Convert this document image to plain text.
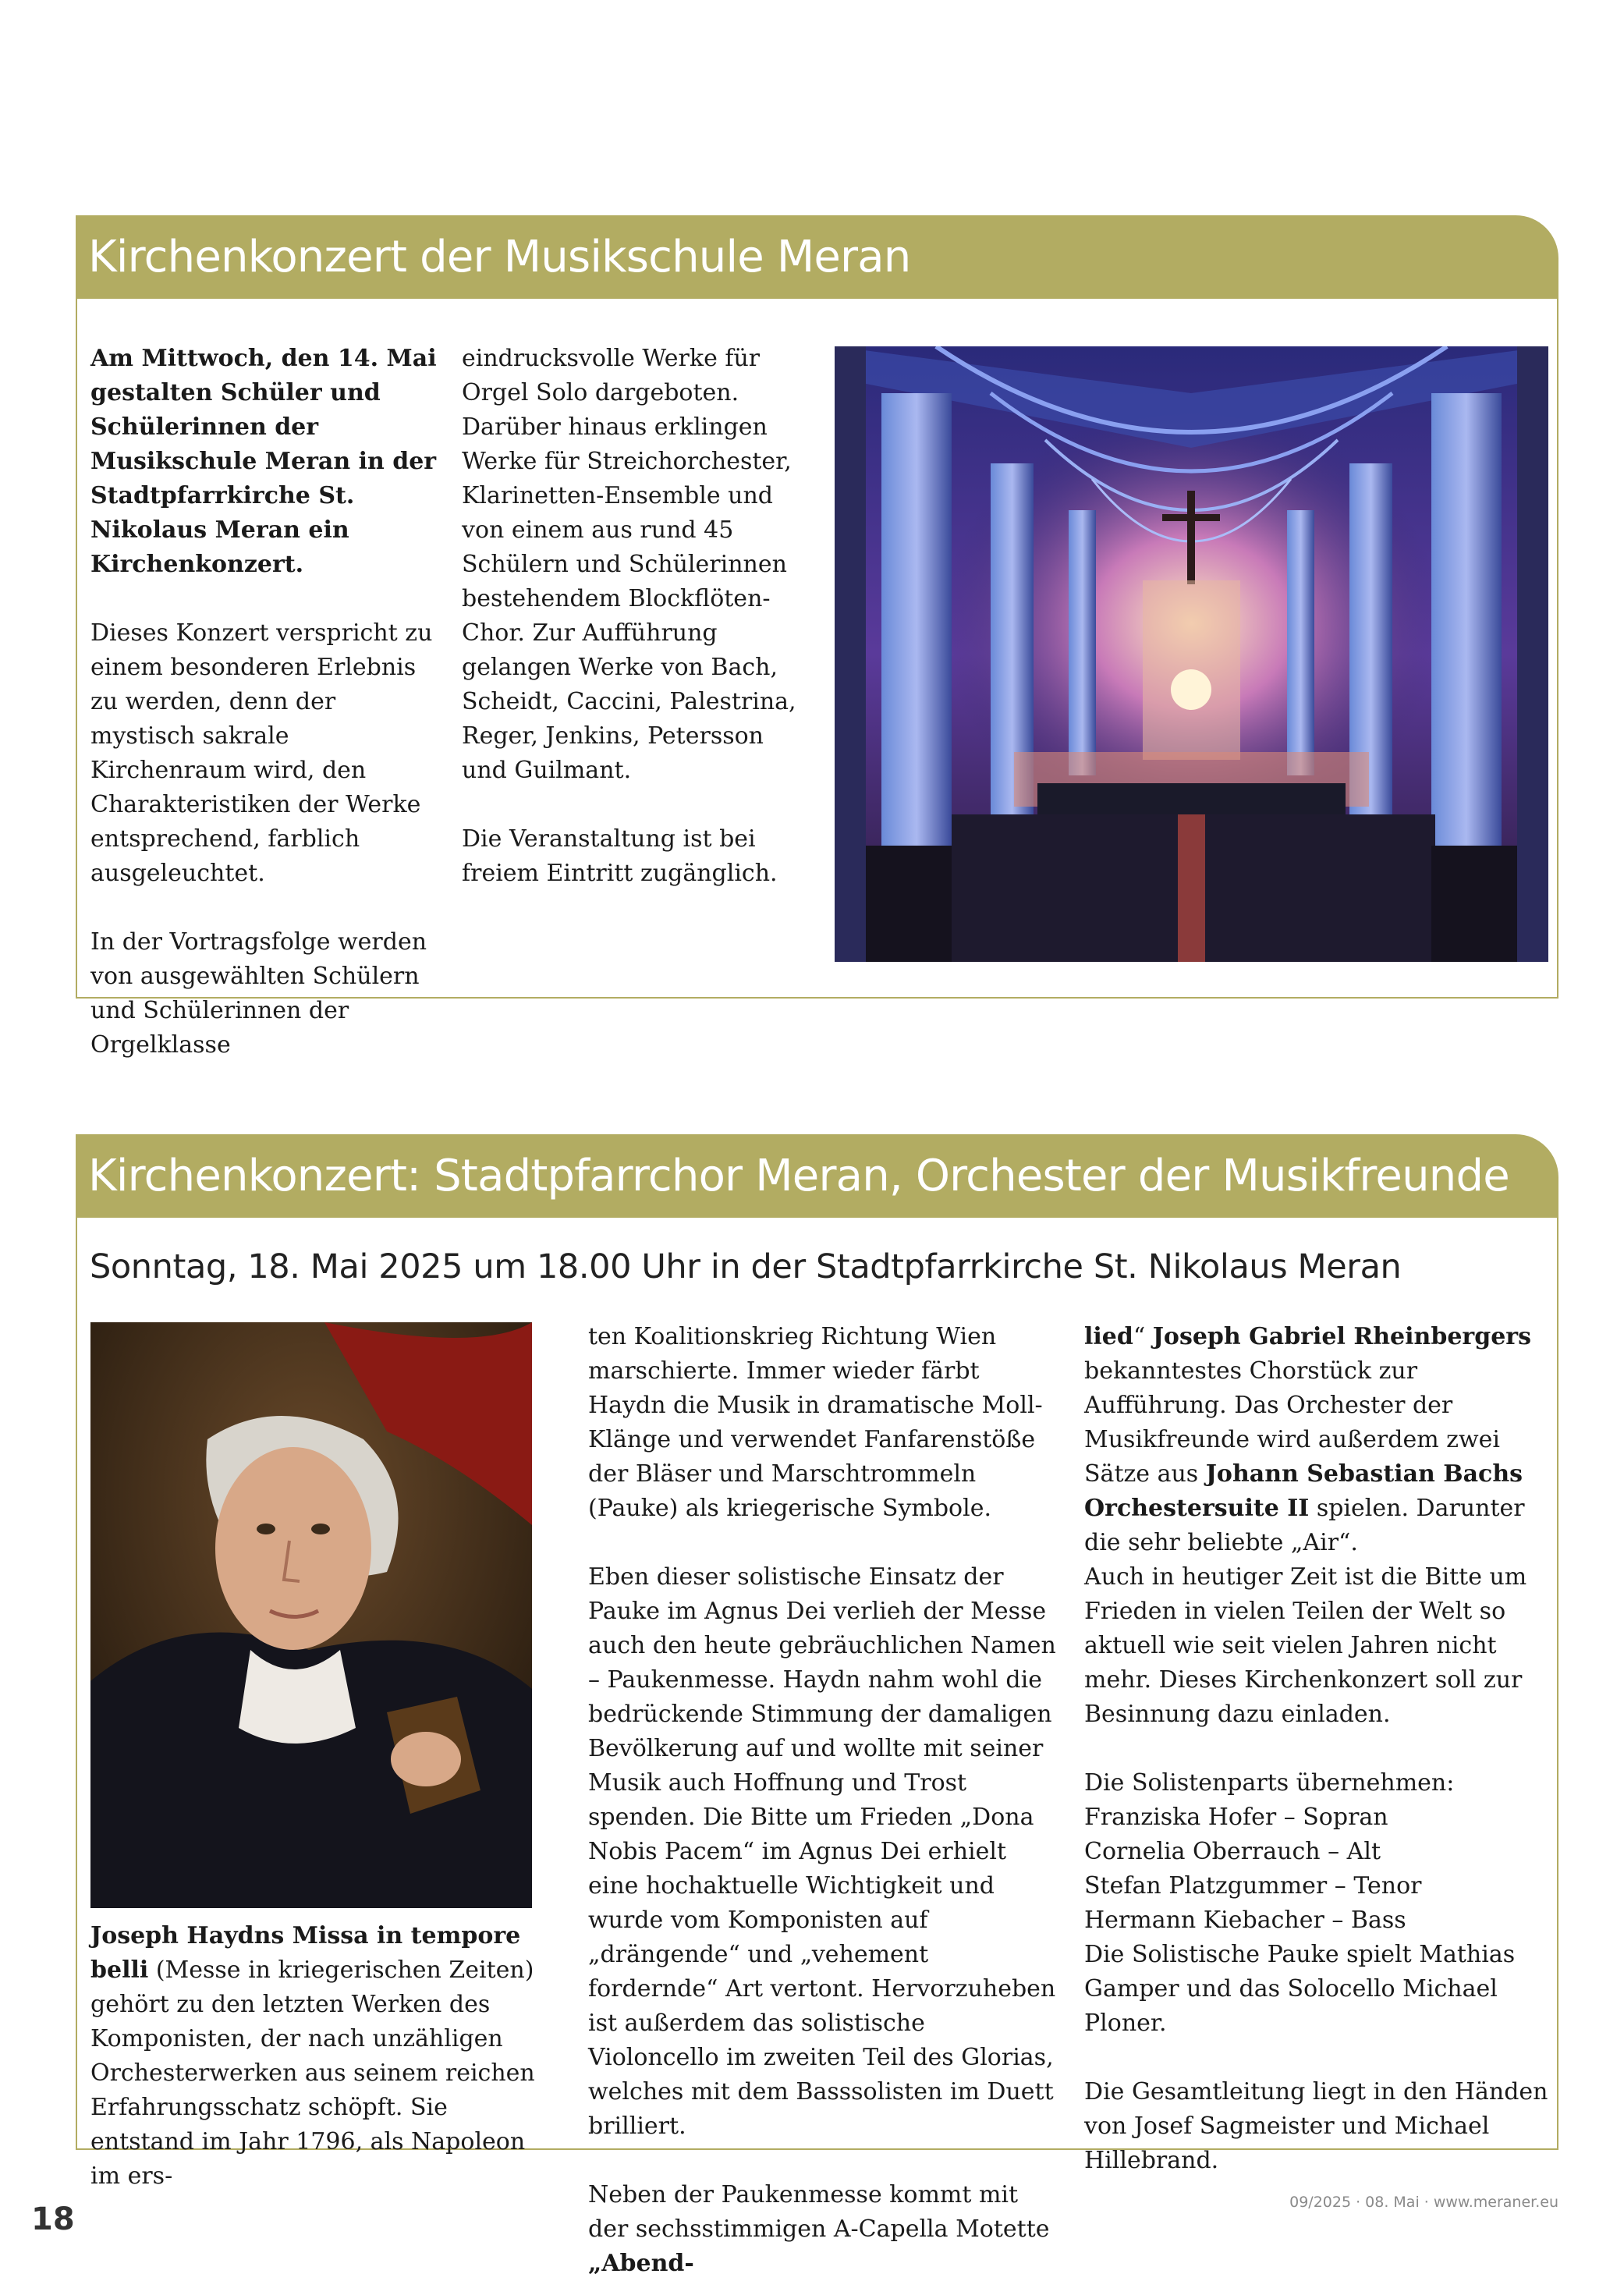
Kirchenkonzert der Musikschule Meran

Am Mittwoch, den 14. Mai gestalten Schüler und Schülerinnen der Musikschule Meran in der Stadtpfarrkirche St. Nikolaus Meran ein Kirchenkonzert.

Dieses Konzert verspricht zu einem besonderen Erlebnis zu werden, denn der mystisch sakrale Kirchenraum wird, den Charakteristiken der Werke entsprechend, farblich ausgeleuchtet.

In der Vortragsfolge werden von ausgewählten Schülern und Schülerinnen der Orgelklasse

eindrucksvolle Werke für Orgel Solo dargeboten. Darüber hinaus erklingen Werke für Streichorchester, Klarinetten-Ensemble und von einem aus rund 45 Schülern und Schülerinnen bestehendem Blockflöten-Chor. Zur Aufführung gelangen Werke von Bach, Scheidt, Caccini, Palestrina, Reger, Jenkins, Petersson und Guilmant.

Die Veranstaltung ist bei freiem Eintritt zugänglich.

Kirchenkonzert: Stadtpfarrchor Meran, Orchester der Musikfreunde
Sonntag, 18. Mai 2025 um 18.00 Uhr in der Stadtpfarrkirche St. Nikolaus Meran

Joseph Haydns Missa in tempore belli (Messe in kriegerischen Zeiten) gehört zu den letzten Werken des Komponisten, der nach unzähligen Orchesterwerken aus seinem reichen Erfahrungsschatz schöpft. Sie entstand im Jahr 1796, als Napoleon im ers-

ten Koalitionskrieg Richtung Wien marschierte. Immer wieder färbt Haydn die Musik in dramatische Moll-Klänge und verwendet Fanfarenstöße der Bläser und Marschtrommeln (Pauke) als kriegerische Symbole.

Eben dieser solistische Einsatz der Pauke im Agnus Dei verlieh der Messe auch den heute gebräuchlichen Namen – Paukenmesse. Haydn nahm wohl die bedrückende Stimmung der damaligen Bevölkerung auf und wollte mit seiner Musik auch Hoffnung und Trost spenden. Die Bitte um Frieden „Dona Nobis Pacem“ im Agnus Dei erhielt eine hochaktuelle Wichtigkeit und wurde vom Komponisten auf „drängende“ und „vehement fordernde“ Art vertont. Hervorzuheben ist außerdem das solistische Violoncello im zweiten Teil des Glorias, welches mit dem Basssolisten im Duett brilliert.

Neben der Paukenmesse kommt mit der sechsstimmigen A-Capella Motette „Abend-

lied“ Joseph Gabriel Rheinbergers bekanntestes Chorstück zur Aufführung. Das Orchester der Musikfreunde wird außerdem zwei Sätze aus Johann Sebastian Bachs Orchestersuite II spielen. Darunter die sehr beliebte „Air“.
Auch in heutiger Zeit ist die Bitte um Frieden in vielen Teilen der Welt so aktuell wie seit vielen Jahren nicht mehr. Dieses Kirchenkonzert soll zur Besinnung dazu einladen.

Die Solistenparts übernehmen:
Franziska Hofer – Sopran
Cornelia Oberrauch – Alt
Stefan Platzgummer – Tenor
Hermann Kiebacher – Bass
Die Solistische Pauke spielt Mathias Gamper und das Solocello Michael Ploner.

Die Gesamtleitung liegt in den Händen von Josef Sagmeister und Michael Hillebrand.

09/2025 · 08. Mai · www.meraner.eu
18
